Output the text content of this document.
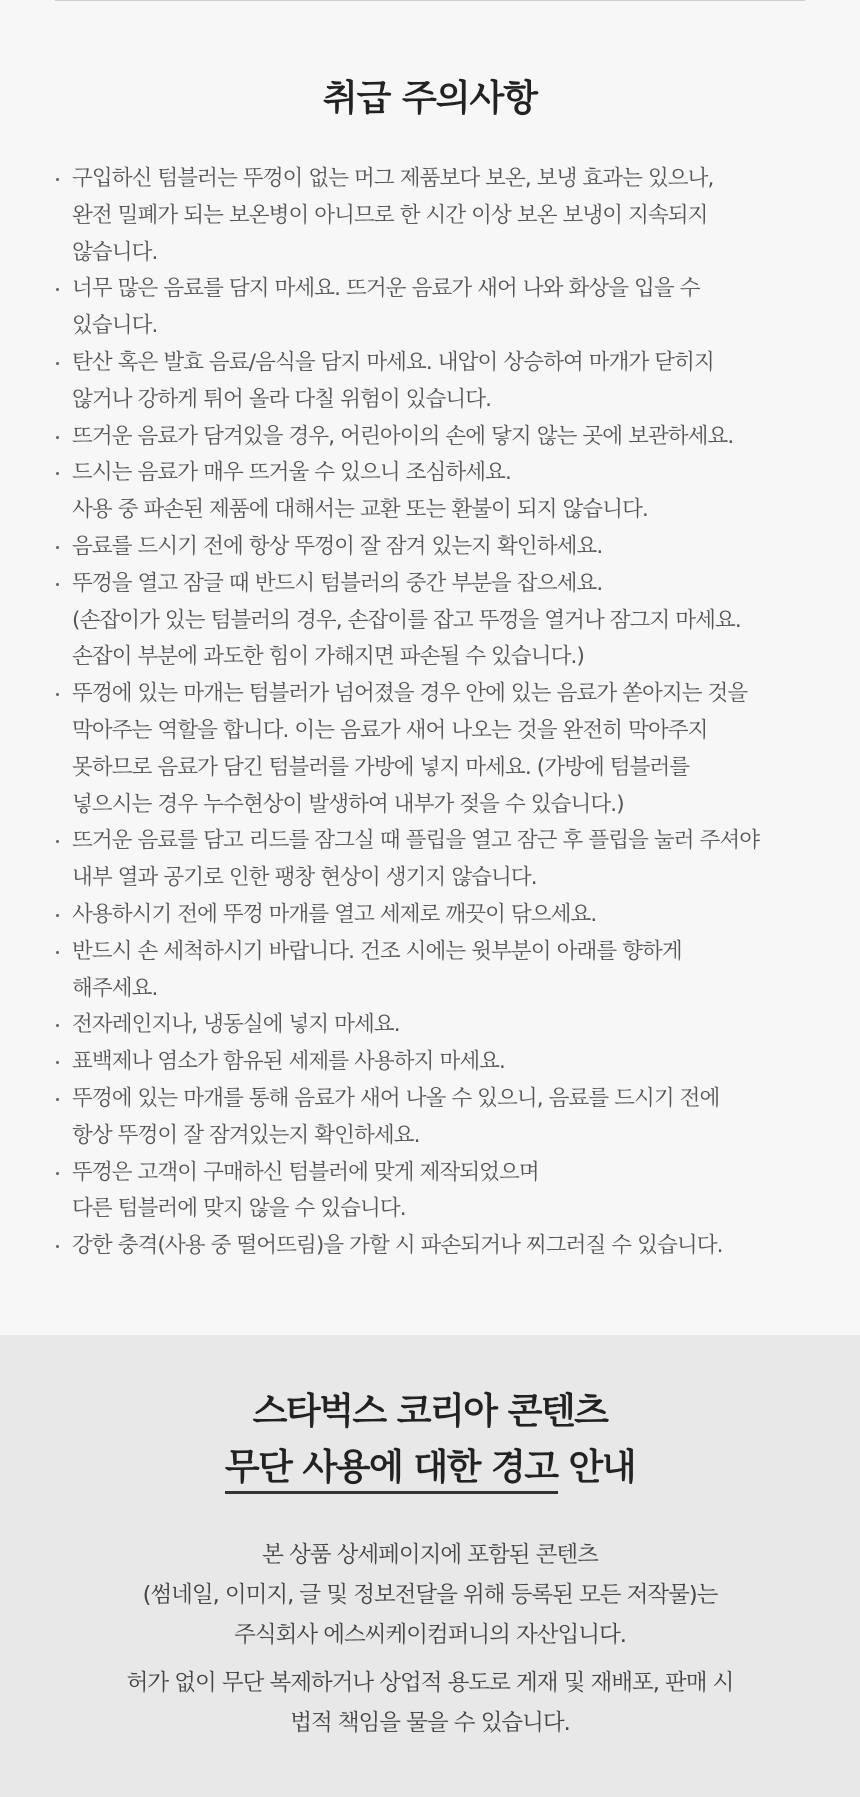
취급 주의사항
구입하신 텀블러는 뚜껑이 없는 머그 제품보다 보온, 보냉 효과는 있으나,
완전 밀폐가 되는 보온병이 아니므로 한 시간 이상 보온 보냉이 지속되지
않습니다.
너무 많은 음료를 담지 마세요. 뜨거운 음료가 새어 나와 화상을 입을 수
있습니다.
탄산 혹은 발효 음료/음식을 담지 마세요. 내압이 상승하여 마개가 닫히지
않거나 강하게 튀어 올라 다칠 위험이 있습니다.
뜨거운 음료가 담겨있을 경우, 어린아이의 손에 닿지 않는 곳에 보관하세요.
드시는 음료가 매우 뜨거울 수 있으니 조심하세요.
사용 중 파손된 제품에 대해서는 교환 또는 환불이 되지 않습니다.
음료를 드시기 전에 항상 뚜껑이 잘 잠겨 있는지 확인하세요.
뚜껑을 열고 잠글 때 반드시 텀블러의 중간 부분을 잡으세요.
(손잡이가 있는 텀블러의 경우, 손잡이를 잡고 뚜껑을 열거나 잠그지 마세요.
손잡이 부분에 과도한 힘이 가해지면 파손될 수 있습니다.)
뚜껑에 있는 마개는 텀블러가 넘어졌을 경우 안에 있는 음료가 쏟아지는 것을
막아주는 역할을 합니다. 이는 음료가 새어 나오는 것을 완전히 막아주지
못하므로 음료가 담긴 텀블러를 가방에 넣지 마세요. (가방에 텀블러를
넣으시는 경우 누수현상이 발생하여 내부가 젖을 수 있습니다.)
뜨거운 음료를 담고 리드를 잠그실 때 플립을 열고 잠근 후 플립을 눌러 주셔야
내부 열과 공기로 인한 팽창 현상이 생기지 않습니다.
사용하시기 전에 뚜껑 마개를 열고 세제로 깨끗이 닦으세요.
반드시 손 세척하시기 바랍니다. 건조 시에는 윗부분이 아래를 향하게
해주세요.
전자레인지나, 냉동실에 넣지 마세요.
표백제나 염소가 함유된 세제를 사용하지 마세요.
뚜껑에 있는 마개를 통해 음료가 새어 나올 수 있으니, 음료를 드시기 전에
항상 뚜껑이 잘 잠겨있는지 확인하세요.
뚜껑은 고객이 구매하신 텀블러에 맞게 제작되었으며
다른 텀블러에 맞지 않을 수 있습니다.
강한 충격(사용 중 떨어뜨림)을 가할 시 파손되거나 찌그러질 수 있습니다.
스타벅스 코리아 콘텐츠
무단 사용에 대한 경고 안내

본 상품 상세페이지에 포함된 콘텐츠
(썸네일, 이미지, 글 및 정보전달을 위해 등록된 모든 저작물)는
주식회사 에스씨케이컴퍼니의 자산입니다.

허가 없이 무단 복제하거나 상업적 용도로 게재 및 재배포, 판매 시
법적 책임을 물을 수 있습니다.
